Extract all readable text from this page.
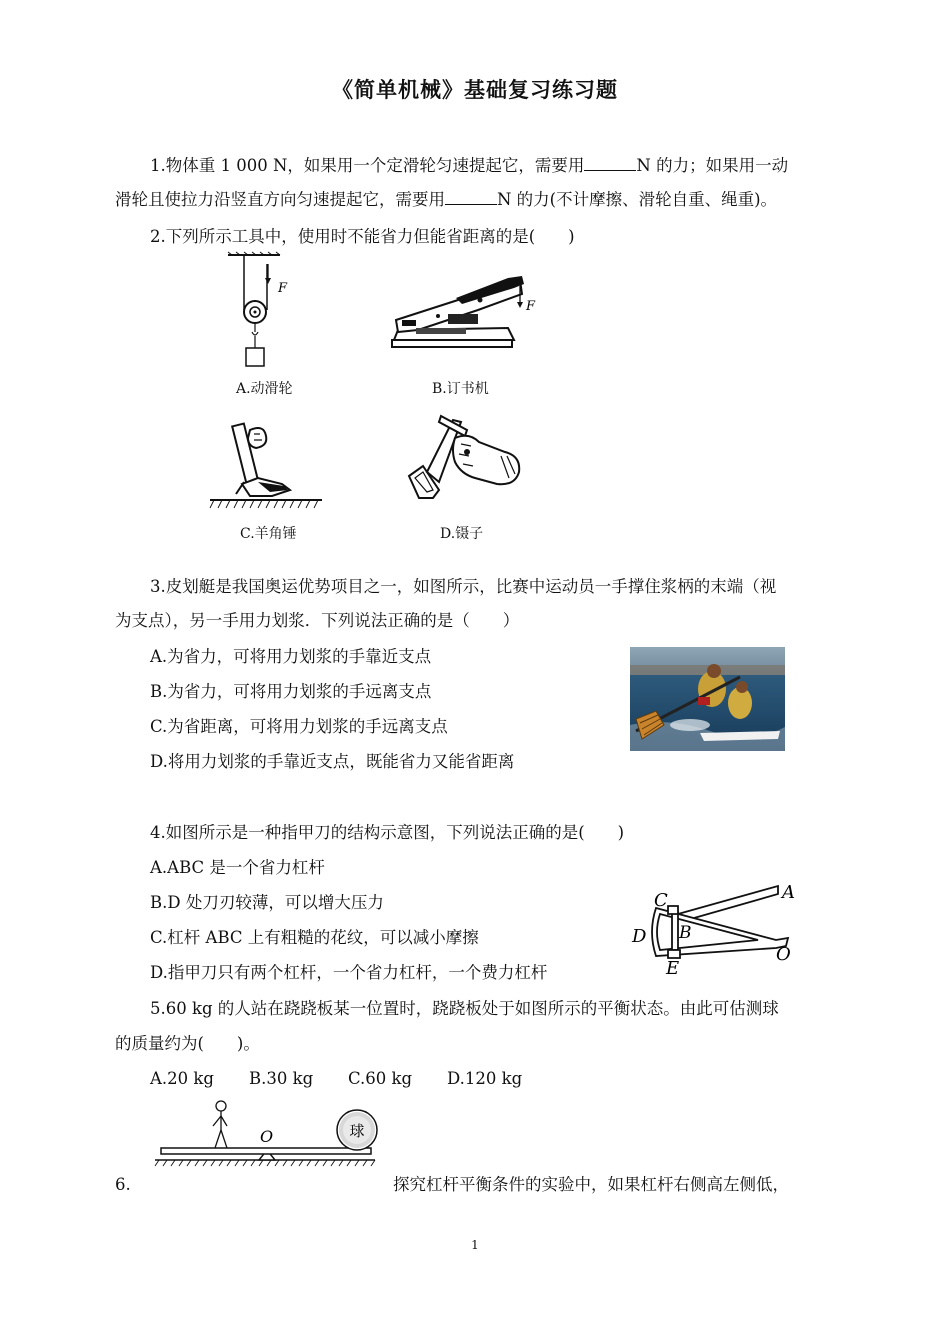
《简单机械》基础复习练习题
1.物体重 1 000 N，如果用一个定滑轮匀速提起它，需要用	N 的力；如果用一动
滑轮且使拉力沿竖直方向匀速提起它，需要用	N 的力(不计摩擦、滑轮自重、绳重)。
2.下列所示工具中，使用时不能省力但能省距离的是(　　)
F
A.动滑轮
F
B.订书机
C.羊角锤	D.镊子
3.皮划艇是我国奥运优势项目之一，如图所示，比赛中运动员一手撑住浆柄的末端（视
为支点），另一手用力划浆．下列说法正确的是（　　）
A.为省力，可将用力划浆的手靠近支点
B.为省力，可将用力划浆的手远离支点
C.为省距离，可将用力划浆的手远离支点
D.将用力划浆的手靠近支点，既能省力又能省距离
4.如图所示是一种指甲刀的结构示意图，下列说法正确的是(　　)
A.ABC 是一个省力杠杆
B.D 处刀刃较薄，可以增大压力
C.杠杆 ABC 上有粗糙的花纹，可以减小摩擦
D.指甲刀只有两个杠杆，一个省力杠杆，一个费力杠杆
C	A
B
D
E
O
5.60 kg 的人站在跷跷板某一位置时，跷跷板处于如图所示的平衡状态。由此可估测球
的质量约为(　　)。
A.20 kg B.30 kg C.60 kg D.120 kg
球
O
6.	探究杠杆平衡条件的实验中，如果杠杆右侧高左侧低，
1
